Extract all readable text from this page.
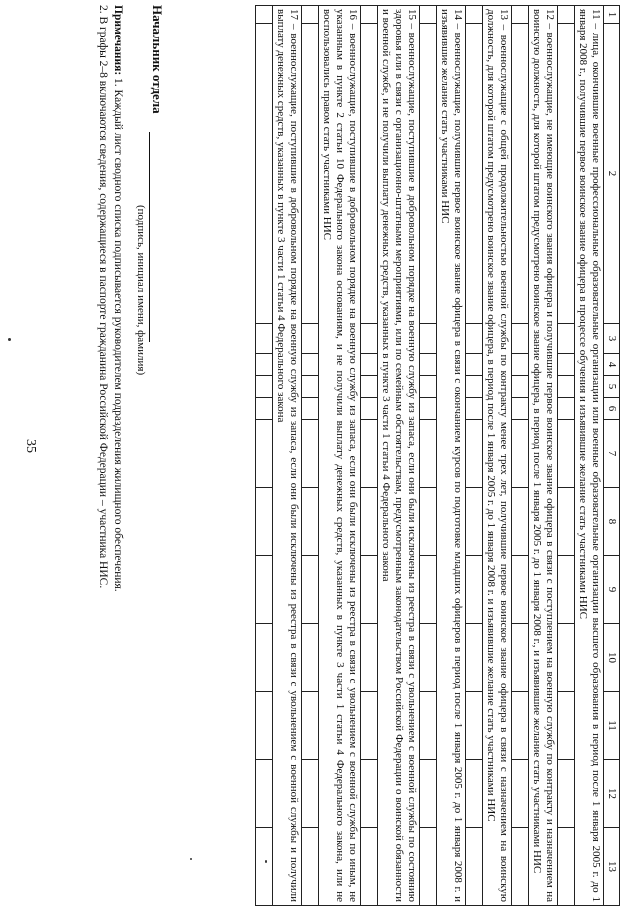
35
1	2	3	4	5	6	7	8	9	10	11	12	13
11 – лица, окончившие военные профессиональные образовательные организации или военные образовательные организации высшего образования в период после 1 января 2005 г. до 1 января 2008 г., получившие первое воинское звание офицера в процессе обучения и изъявившие желание стать участниками НИС												

12 – военнослужащие, не имеющие воинского звания офицера и получившие первое воинское звание офицера в связи с поступлением на военную службу по контракту и назначением на воинскую должность, для которой штатом предусмотрено воинское звание офицера, в период после 1 января 2005 г. до 1 января 2008 г., и изъявившие желание стать участниками НИС												

13 – военнослужащие с общей продолжительностью военной службы по контракту менее трех лет, получившие первое воинское звание офицера в связи с назначением на воинскую должность, для которой штатом предусмотрено воинское звание офицера, в период после 1 января 2005 г. до 1 января 2008 г. и изъявившие желание стать участниками НИС												

14 – военнослужащие, получившие первое воинское звание офицера в связи с окончанием курсов по подготовке младших офицеров в период после 1 января 2005 г. до 1 января 2008 г. и изъявившие желание стать участниками НИС												

15 – военнослужащие, поступившие в добровольном порядке на военную службу из запаса, если они были исключены из реестра в связи с увольнением с военной службы по состоянию здоровья или в связи с организационно-штатными мероприятиями, или по семейным обстоятельствам, предусмотренным законодательством Российской Федерации о воинской обязанности и военной службе, и не получили выплату денежных средств, указанных в пункте 3 части 1 статьи 4 Федерального закона												

16 – военнослужащие, поступившие в добровольном порядке на военную службу из запаса, если они были исключены из реестра в связи с увольнением с военной службы по иным, не указанным в пункте 2 статьи 10 Федерального закона основаниям, и не получили выплату денежных средств, указанных в пункте 3 части 1 статьи 4 Федерального закона, или не воспользовались правом стать участниками НИС												

17 – военнослужащие, поступившие в добровольном порядке на военную службу из запаса, если они были исключены из реестра в связи с увольнением с военной службы и получили выплату денежных средств, указанных в пункте 3 части 1 статьи 4 Федерального закона												

Начальник отдела
(подпись, инициал имени, фамилия)

Примечания: 1. Каждый лист сводного списка подписывается руководителем подразделения жилищного обеспечения.

2. В графы 2–8 включаются сведения, содержащиеся в паспорте гражданина Российской Федерации – участника НИС.
